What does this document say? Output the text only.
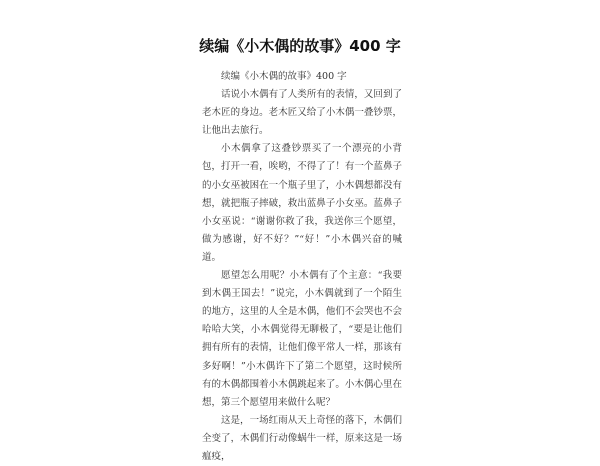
续编《小木偶的故事》400 字

续编《小木偶的故事》400 字

话说小木偶有了人类所有的表情，又回到了老木匠的身边。老木匠又给了小木偶一叠钞票，让他出去旅行。

小木偶拿了这叠钞票买了一个漂亮的小背包，打开一看，唉哟，不得了了！有一个蓝鼻子的小女巫被困在一个瓶子里了，小木偶想都没有想，就把瓶子摔破，救出蓝鼻子小女巫。蓝鼻子小女巫说：“谢谢你救了我，我送你三个愿望，做为感谢，好不好？”“好！”小木偶兴奋的喊道。

愿望怎么用呢？小木偶有了个主意：“我要到木偶王国去！”说完，小木偶就到了一个陌生的地方，这里的人全是木偶，他们不会哭也不会哈哈大笑，小木偶觉得无聊极了，“要是让他们拥有所有的表情，让他们像平常人一样，那该有多好啊！”小木偶许下了第二个愿望，这时候所有的木偶都围着小木偶跳起来了。小木偶心里在想，第三个愿望用来做什么呢？

这是，一场红雨从天上奇怪的落下，木偶们全变了，木偶们行动像蜗牛一样，原来这是一场瘟疫，
